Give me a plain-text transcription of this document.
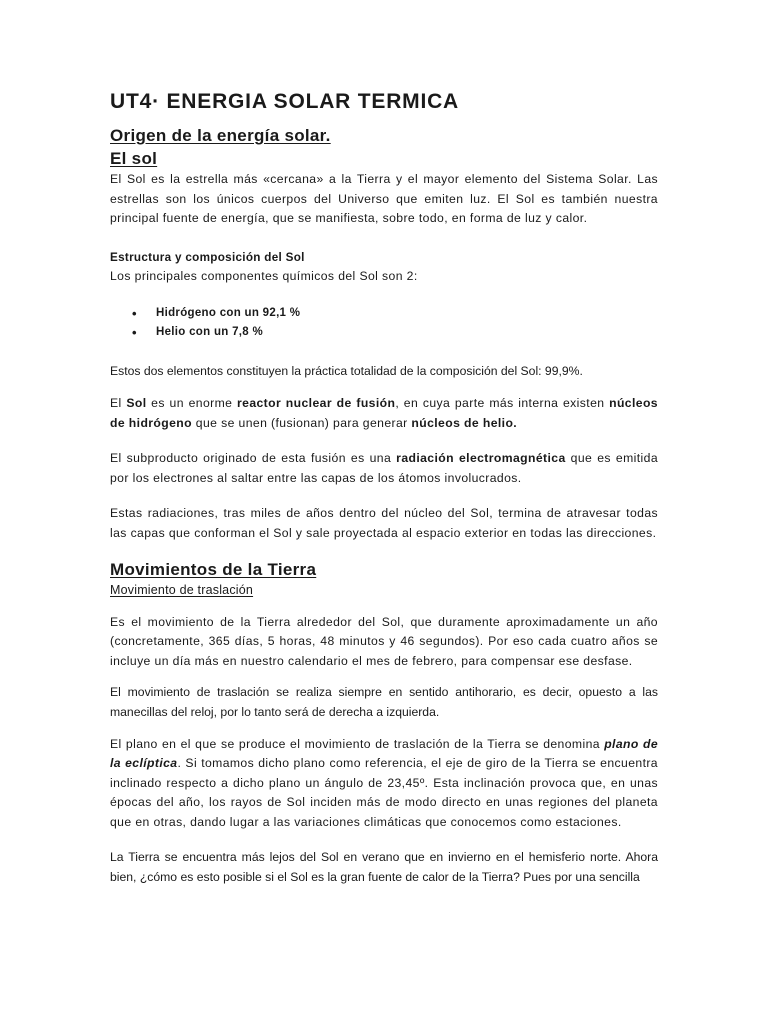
UT4· ENERGIA SOLAR TERMICA
Origen de la energía solar.
El sol

El Sol es la estrella más «cercana» a la Tierra y el mayor elemento del Sistema Solar. Las estrellas son los únicos cuerpos del Universo que emiten luz. El Sol es también nuestra principal fuente de energía, que se manifiesta, sobre todo, en forma de luz y calor.

Estructura y composición del Sol

Los principales componentes químicos del Sol son 2:

• Hidrógeno con un 92,1 %
• Helio con un 7,8 %

Estos dos elementos constituyen la práctica totalidad de la composición del Sol: 99,9%.

El Sol es un enorme reactor nuclear de fusión, en cuya parte más interna existen núcleos de hidrógeno que se unen (fusionan) para generar núcleos de helio.

El subproducto originado de esta fusión es una radiación electromagnética que es emitida por los electrones al saltar entre las capas de los átomos involucrados.

Estas radiaciones, tras miles de años dentro del núcleo del Sol, termina de atravesar todas las capas que conforman el Sol y sale proyectada al espacio exterior en todas las direcciones.

Movimientos de la Tierra

Movimiento de traslación

Es el movimiento de la Tierra alrededor del Sol, que duramente aproximadamente un año (concretamente, 365 días, 5 horas, 48 minutos y 46 segundos). Por eso cada cuatro años se incluye un día más en nuestro calendario el mes de febrero, para compensar ese desfase.

El movimiento de traslación se realiza siempre en sentido antihorario, es decir, opuesto a las manecillas del reloj, por lo tanto será de derecha a izquierda.

El plano en el que se produce el movimiento de traslación de la Tierra se denomina plano de la eclíptica. Si tomamos dicho plano como referencia, el eje de giro de la Tierra se encuentra inclinado respecto a dicho plano un ángulo de 23,45º. Esta inclinación provoca que, en unas épocas del año, los rayos de Sol inciden más de modo directo en unas regiones del planeta que en otras, dando lugar a las variaciones climáticas que conocemos como estaciones.

La Tierra se encuentra más lejos del Sol en verano que en invierno en el hemisferio norte. Ahora bien, ¿cómo es esto posible si el Sol es la gran fuente de calor de la Tierra? Pues por una sencilla
